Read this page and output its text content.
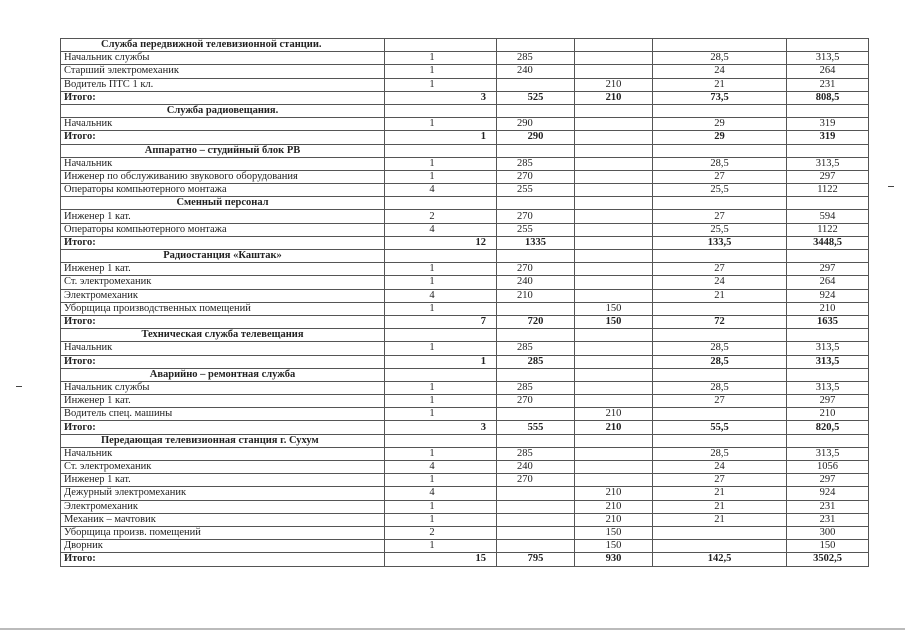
Служба передвижной телевизионной станции.					
Начальник службы	1	285		28,5	313,5
Старший электромеханик	1	240		24	264
Водитель ПТС 1 кл.	1		210	21	231
Итого:	3	525	210	73,5	808,5
Служба радиовещания.					
Начальник	1	290		29	319
Итого:	1	290		29	319
Аппаратно – студийный блок РВ					
Начальник	1	285		28,5	313,5
Инженер по обслуживанию звукового оборудования	1	270		27	297
Операторы компьютерного монтажа	4	255		25,5	1122
Сменный персонал					
Инженер 1 кат.	2	270		27	594
Операторы компьютерного монтажа	4	255		25,5	1122
Итого:	12	1335		133,5	3448,5
Радиостанция «Каштак»					
Инженер 1 кат.	1	270		27	297
Ст. электромеханик	1	240		24	264
Электромеханик	4	210		21	924
Уборщица производственных помещений	1		150		210
Итого:	7	720	150	72	1635
Техническая служба телевещания					
Начальник	1	285		28,5	313,5
Итого:	1	285		28,5	313,5
Аварийно – ремонтная служба					
Начальник службы	1	285		28,5	313,5
Инженер 1 кат.	1	270		27	297
Водитель спец. машины	1		210		210
Итого:	3	555	210	55,5	820,5
Передающая телевизионная станция г. Сухум					
Начальник	1	285		28,5	313,5
Ст. электромеханик	4	240		24	1056
Инженер 1 кат.	1	270		27	297
Дежурный электромеханик	4		210	21	924
Электромеханик	1		210	21	231
Механик – мачтовик	1		210	21	231
Уборщица произв. помещений	2		150		300
Дворник	1		150		150
Итого:	15	795	930	142,5	3502,5
